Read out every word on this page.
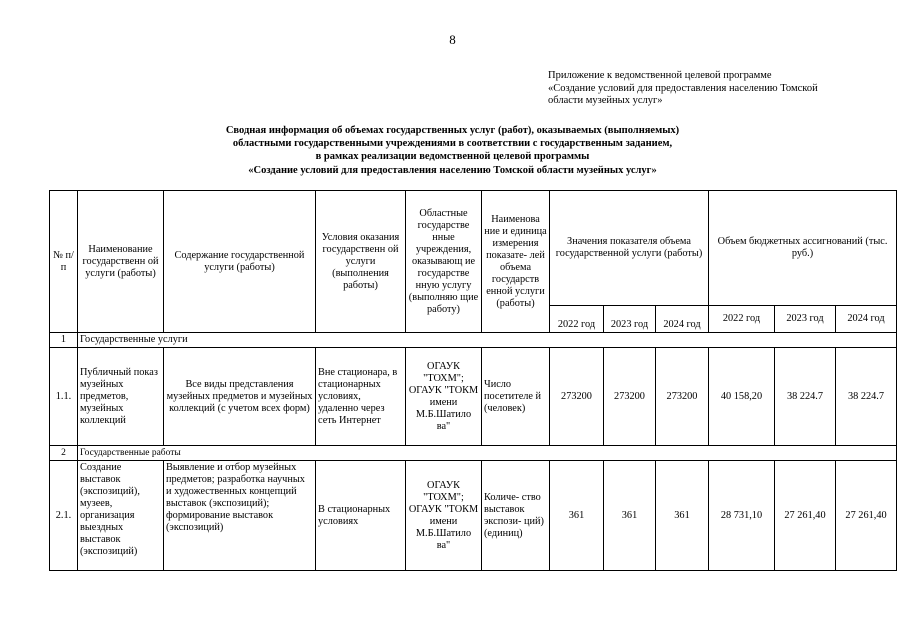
8
Приложение к ведомственной целевой программе
«Создание условий для предоставления населению Томской
области музейных услуг»
Сводная информация об объемах государственных услуг (работ), оказываемых (выполняемых)
областными государственными учреждениями в соответствии с государственным заданием,
в рамках реализации ведомственной целевой программы
«Создание условий для предоставления населению Томской области музейных услуг»
№ п/п	Наименование государственн ой услуги (работы)	Содержание государственной услуги (работы)	Условия оказания государственн ой услуги (выполнения работы)	Областные государстве нные учреждения, оказывающ ие государстве нную услугу (выполняю щие работу)	Наименова ние и единица измерения показате- лей объема государств енной услуги (работы)	Значения показателя объема государственной услуги (работы)			Объем бюджетных ассигнований (тыс. руб.)		
						2022 год	2023 год	2024 год	2022 год	2023 год	2024 год
1	Государственные услуги										
1.1.	Публичный показ музейных предметов, музейных коллекций	Все виды представления музейных предметов и музейных коллекций (с учетом всех форм)	Вне стационара, в стационарных условиях, удаленно через сеть Интернет	ОГАУК "ТОХМ"; ОГАУК "ТОКМ имени М.Б.Шатило ва"	Число посетителе й (человек)	273200	273200	273200	40 158,20	38 224.7	38 224.7
2	Государственные работы										
2.1.	Создание выставок (экспозиций), музеев, организация выездных выставок (экспозиций)	Выявление и отбор музейных предметов; разработка научных и художественных концепций выставок (экспозиций); формирование выставок (экспозиций)	В стационарных условиях	ОГАУК "ТОХМ"; ОГАУК "ТОКМ имени М.Б.Шатило ва"	Количе- ство выставок экспози- ций) (единиц)	361	361	361	28 731,10	27 261,40	27 261,40
